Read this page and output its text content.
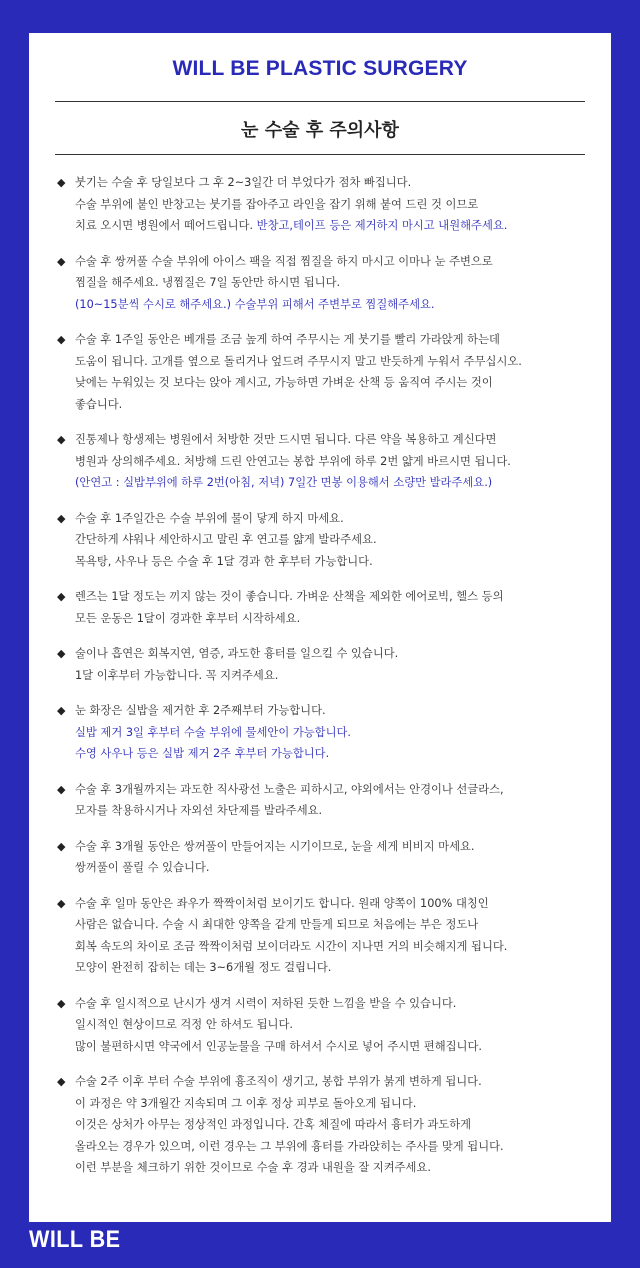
WILL BE PLASTIC SURGERY
눈 수술 후 주의사항
◆ 붓기는 수술 후 당일보다 그 후 2~3일간 더 부었다가 점차 빠집니다.
수술 부위에 붙인 반창고는 붓기를 잡아주고 라인을 잡기 위해 붙여 드린 것 이므로
치료 오시면 병원에서 떼어드립니다. 반창고,테이프 등은 제거하지 마시고 내원해주세요.
◆ 수술 후 쌍꺼풀 수술 부위에 아이스 팩을 직접 찜질을 하지 마시고 이마나 눈 주변으로
찜질을 해주세요. 냉찜질은 7일 동안만 하시면 됩니다.
(10~15분씩 수시로 해주세요.) 수술부위 피해서 주변부로 찜질해주세요.
◆ 수술 후 1주일 동안은 베개를 조금 높게 하여 주무시는 게 붓기를 빨리 가라앉게 하는데
도움이 됩니다. 고개를 옆으로 돌리거나 엎드려 주무시지 말고 반듯하게 누워서 주무십시오.
낮에는 누워있는 것 보다는 앉아 계시고, 가능하면 가벼운 산책 등 움직여 주시는 것이
좋습니다.
◆ 진통제나 항생제는 병원에서 처방한 것만 드시면 됩니다. 다른 약을 복용하고 계신다면
병원과 상의해주세요. 처방해 드린 안연고는 봉합 부위에 하루 2번 얇게 바르시면 됩니다.
(안연고 : 실밥부위에 하루 2번(아침, 저녁) 7일간 면봉 이용해서 소량만 발라주세요.)
◆ 수술 후 1주일간은 수술 부위에 물이 닿게 하지 마세요.
간단하게 샤워나 세안하시고 말린 후 연고를 얇게 발라주세요.
목욕탕, 사우나 등은 수술 후 1달 경과 한 후부터 가능합니다.
◆ 렌즈는 1달 정도는 끼지 않는 것이 좋습니다. 가벼운 산책을 제외한 에어로빅, 헬스 등의
모든 운동은 1달이 경과한 후부터 시작하세요.
◆ 술이나 흡연은 회복지연, 염증, 과도한 흉터를 일으킬 수 있습니다.
1달 이후부터 가능합니다. 꼭 지켜주세요.
◆ 눈 화장은 실밥을 제거한 후 2주째부터 가능합니다.
실밥 제거 3일 후부터 수술 부위에 물세안이 가능합니다.
수영 사우나 등은 실밥 제거 2주 후부터 가능합니다.
◆ 수술 후 3개월까지는 과도한 직사광선 노출은 피하시고, 야외에서는 안경이나 선글라스,
모자를 착용하시거나 자외선 차단제를 발라주세요.
◆ 수술 후 3개월 동안은 쌍꺼풀이 만들어지는 시기이므로, 눈을 세게 비비지 마세요.
쌍꺼풀이 풀릴 수 있습니다.
◆ 수술 후 일마 동안은 좌우가 짝짝이처럼 보이기도 합니다. 원래 양쪽이 100% 대칭인
사람은 없습니다. 수술 시 최대한 양쪽을 같게 만들게 되므로 처음에는 부은 정도나
회복 속도의 차이로 조금 짝짝이처럼 보이더라도 시간이 지나면 거의 비슷해지게 됩니다.
모양이 완전히 잡히는 데는 3~6개월 정도 걸립니다.
◆ 수술 후 일시적으로 난시가 생겨 시력이 저하된 듯한 느낌을 받을 수 있습니다.
일시적인 현상이므로 걱정 안 하셔도 됩니다.
많이 불편하시면 약국에서 인공눈물을 구매 하셔서 수시로 넣어 주시면 편해집니다.
◆ 수술 2주 이후 부터 수술 부위에 흉조직이 생기고, 봉합 부위가 붉게 변하게 됩니다.
이 과정은 약 3개월간 지속되며 그 이후 정상 피부로 돌아오게 됩니다.
이것은 상처가 아무는 정상적인 과정입니다. 간혹 체질에 따라서 흉터가 과도하게
올라오는 경우가 있으며, 이런 경우는 그 부위에 흉터를 가라앉히는 주사를 맞게 됩니다.
이런 부분을 체크하기 위한 것이므로 수술 후 경과 내원을 잘 지켜주세요.
WILL BE
